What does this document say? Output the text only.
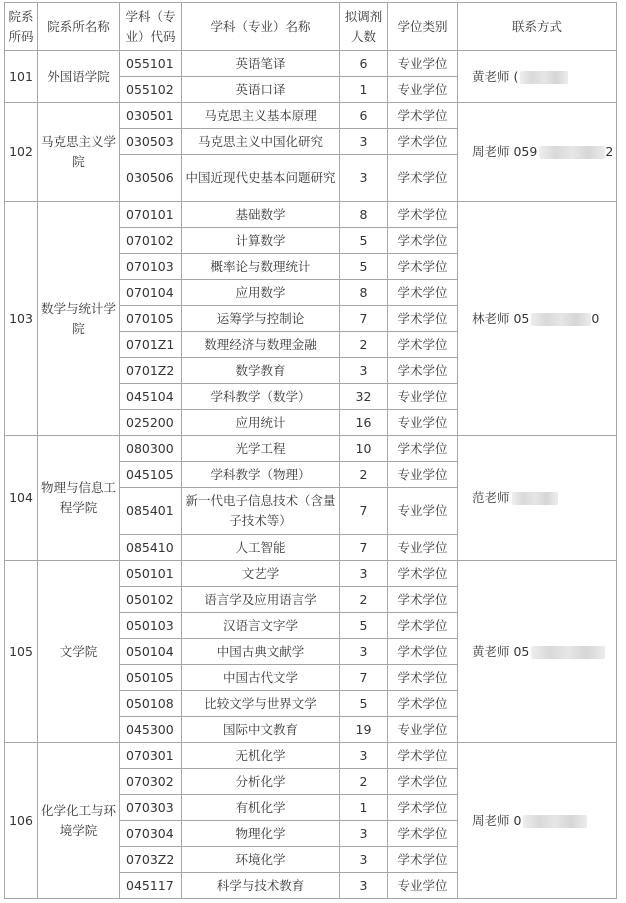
院系所码	院系所名称	学科（专业）代码	学科（专业）名称	拟调剂人数	学位类别	联系方式
101	外国语学院	055101	英语笔译	6	专业学位	黄老师 (
		055102	英语口译	1	专业学位	
102	马克思主义学院	030501	马克思主义基本原理	6	学术学位	周老师 059 2
		030503	马克思主义中国化研究	3	学术学位	
		030506	中国近现代史基本问题研究	3	学术学位	
103	数学与统计学院	070101	基础数学	8	学术学位	林老师 05 0
		070102	计算数学	5	学术学位	
		070103	概率论与数理统计	5	学术学位	
		070104	应用数学	8	学术学位	
		070105	运筹学与控制论	7	学术学位	
		0701Z1	数理经济与数理金融	2	学术学位	
		0701Z2	数学教育	3	学术学位	
		045104	学科教学（数学）	32	专业学位	
		025200	应用统计	16	专业学位	
104	物理与信息工程学院	080300	光学工程	10	学术学位	范老师
		045105	学科教学（物理）	2	专业学位	
		085401	新一代电子信息技术（含量子技术等）	7	专业学位	
		085410	人工智能	7	专业学位	
105	文学院	050101	文艺学	3	学术学位	黄老师 05
		050102	语言学及应用语言学	2	学术学位	
		050103	汉语言文字学	5	学术学位	
		050104	中国古典文献学	3	学术学位	
		050105	中国古代文学	7	学术学位	
		050108	比较文学与世界文学	5	学术学位	
		045300	国际中文教育	19	专业学位	
106	化学化工与环境学院	070301	无机化学	3	学术学位	周老师 0
		070302	分析化学	2	学术学位	
		070303	有机化学	1	学术学位	
		070304	物理化学	3	学术学位	
		0703Z2	环境化学	3	学术学位	
		045117	科学与技术教育	3	专业学位	
